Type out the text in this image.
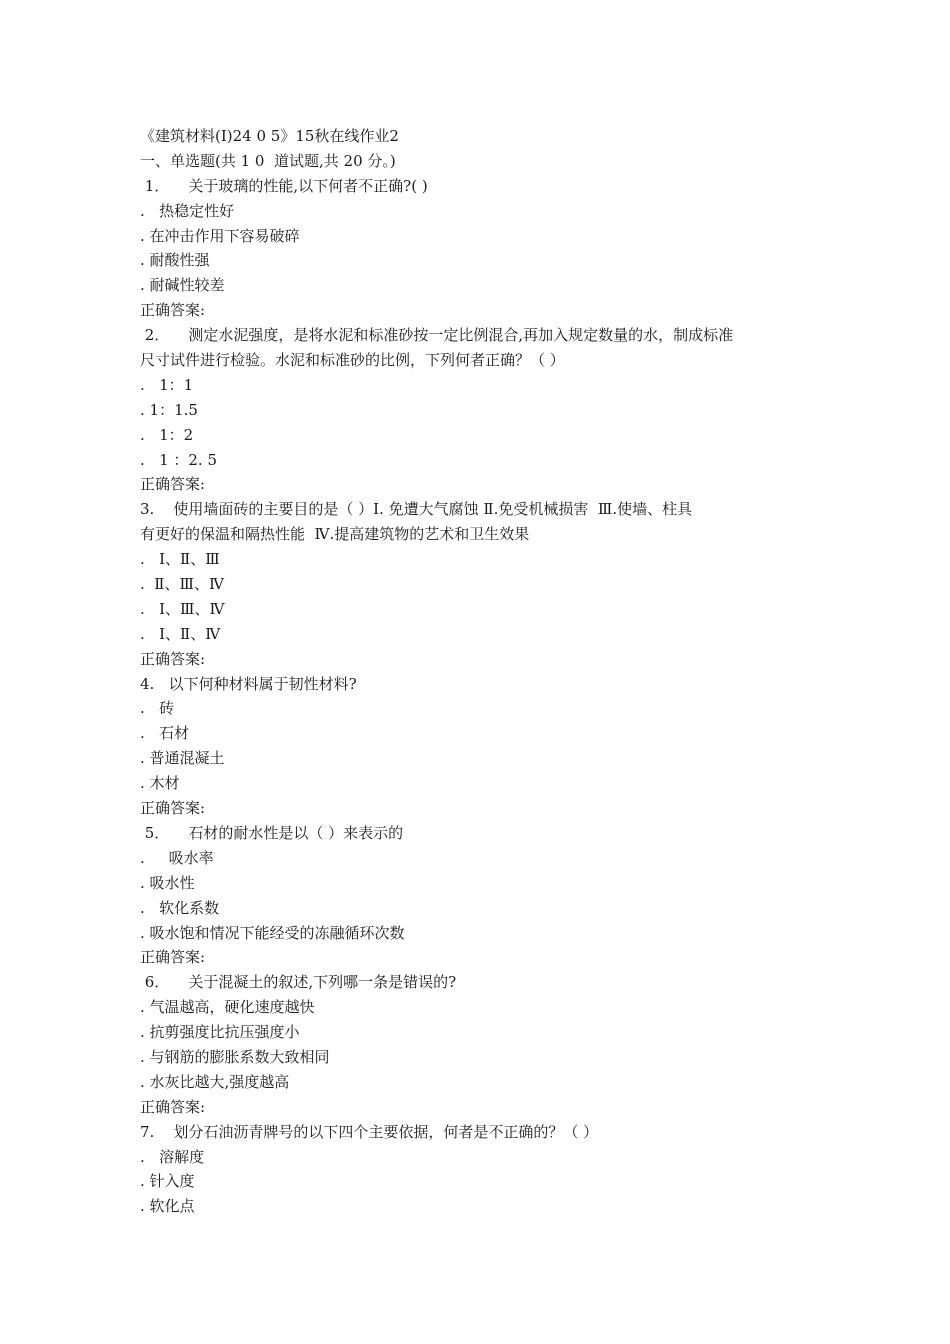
《建筑材料(Ⅰ)24 0 5》15秋在线作业2
一、单选题(共 1 0  道试题,共 20 分。)
1．    关于玻璃的性能,以下何者不正确?( )
.   热稳定性好
. 在冲击作用下容易破碎
. 耐酸性强
. 耐碱性较差
正确答案:
2．    测定水泥强度，是将水泥和标准砂按一定比例混合,再加入规定数量的水，制成标准
尺寸试件进行检验。水泥和标准砂的比例，下列何者正确？（ ）
.   1：1
. 1：1.5
.   1：2
.   1 ：2. 5
正确答案:
3.    使用墙面砖的主要目的是（ ）Ⅰ. 免遭大气腐蚀 Ⅱ.免受机械损害  Ⅲ.使墙、柱具
有更好的保温和隔热性能  Ⅳ.提高建筑物的艺术和卫生效果
.   Ⅰ、Ⅱ、Ⅲ
.  Ⅱ、Ⅲ、Ⅳ
.   Ⅰ、Ⅲ、Ⅳ
.   Ⅰ、Ⅱ、Ⅳ
正确答案:
4.   以下何种材料属于韧性材料?
.   砖
.   石材
. 普通混凝土
. 木材
正确答案:
5．    石材的耐水性是以（ ）来表示的
.     吸水率
. 吸水性
.   软化系数
. 吸水饱和情况下能经受的冻融循环次数
正确答案:
6．    关于混凝土的叙述,下列哪一条是错误的?
. 气温越高，硬化速度越快
. 抗剪强度比抗压强度小
. 与钢筋的膨胀系数大致相同
. 水灰比越大,强度越高
正确答案:
7.    划分石油沥青牌号的以下四个主要依据，何者是不正确的？（ ）
.   溶解度
. 针入度
. 软化点
